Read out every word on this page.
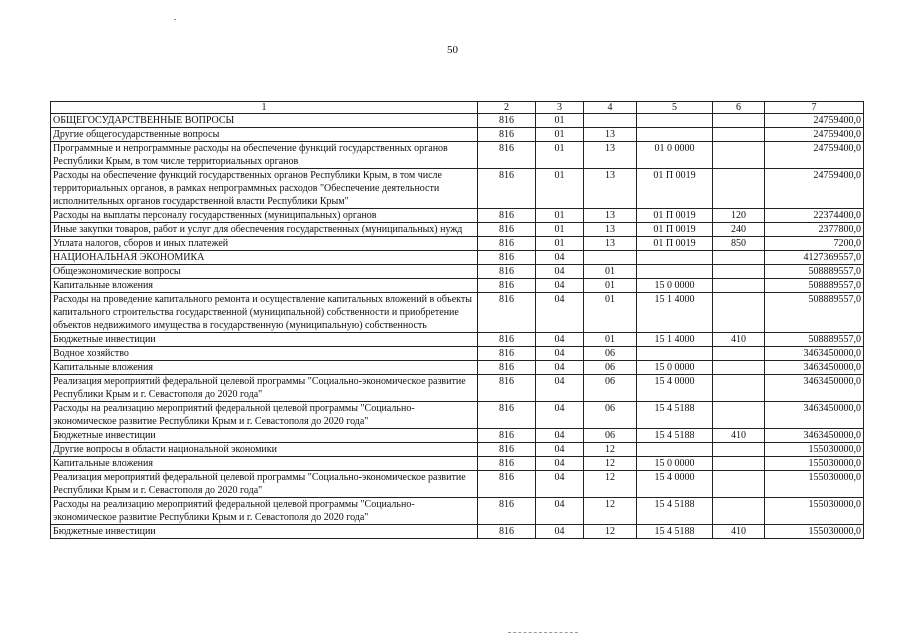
50
1	2	3	4	5	6	7
ОБЩЕГОСУДАРСТВЕННЫЕ ВОПРОСЫ	816	01				24759400,0
Другие общегосударственные вопросы	816	01	13			24759400,0
Программные и непрограммные расходы на обеспечение функций государственных органов Республики Крым, в том числе территориальных органов	816	01	13	01 0 0000		24759400,0
Расходы на обеспечение функций государственных органов Республики Крым, в том числе территориальных органов, в рамках непрограммных расходов "Обеспечение деятельности исполнительных органов государственной власти Республики Крым"	816	01	13	01 П 0019		24759400,0
Расходы на выплаты персоналу государственных (муниципальных) органов	816	01	13	01 П 0019	120	22374400,0
Иные закупки товаров, работ и услуг для обеспечения государственных (муниципальных) нужд	816	01	13	01 П 0019	240	2377800,0
Уплата налогов, сборов и иных платежей	816	01	13	01 П 0019	850	7200,0
НАЦИОНАЛЬНАЯ ЭКОНОМИКА	816	04				4127369557,0
Общеэкономические вопросы	816	04	01			508889557,0
Капитальные вложения	816	04	01	15 0 0000		508889557,0
Расходы на проведение капитального ремонта и осуществление капитальных вложений в объекты капитального строительства государственной (муниципальной) собственности и приобретение объектов недвижимого имущества в государственную (муниципальную) собственность	816	04	01	15 1 4000		508889557,0
Бюджетные инвестиции	816	04	01	15 1 4000	410	508889557,0
Водное хозяйство	816	04	06			3463450000,0
Капитальные вложения	816	04	06	15 0 0000		3463450000,0
Реализация мероприятий федеральной целевой программы "Социально-экономическое развитие Республики Крым и г. Севастополя до 2020 года"	816	04	06	15 4 0000		3463450000,0
Расходы на реализацию мероприятий федеральной целевой программы "Социально-экономическое развитие Республики Крым и г. Севастополя до 2020 года"	816	04	06	15 4 5188		3463450000,0
Бюджетные инвестиции	816	04	06	15 4 5188	410	3463450000,0
Другие вопросы в области национальной экономики	816	04	12			155030000,0
Капитальные вложения	816	04	12	15 0 0000		155030000,0
Реализация мероприятий федеральной целевой программы "Социально-экономическое развитие Республики Крым и г. Севастополя до 2020 года"	816	04	12	15 4 0000		155030000,0
Расходы на реализацию мероприятий федеральной целевой программы "Социально-экономическое развитие Республики Крым и г. Севастополя до 2020 года"	816	04	12	15 4 5188		155030000,0
Бюджетные инвестиции	816	04	12	15 4 5188	410	155030000,0
